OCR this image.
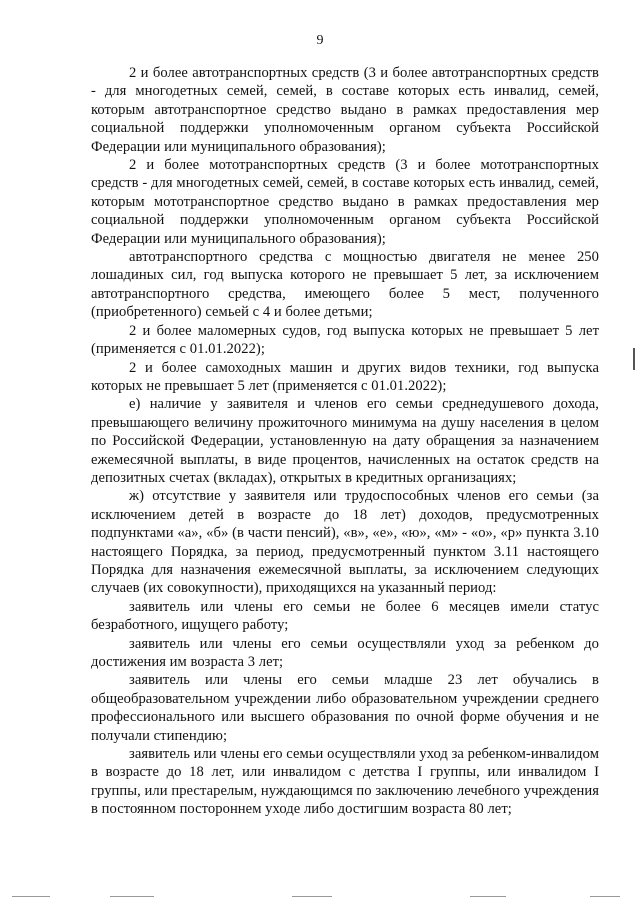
9

2 и более автотранспортных средств (3 и более автотранспортных средств - для многодетных семей, семей, в составе которых есть инвалид, семей, которым автотранспортное средство выдано в рамках предоставления мер социальной поддержки уполномоченным органом субъекта Российской Федерации или муниципального образования);

2 и более мототранспортных средств (3 и более мототранспортных средств - для многодетных семей, семей, в составе которых есть инвалид, семей, которым мототранспортное средство выдано в рамках предоставления мер социальной поддержки уполномоченным органом субъекта Российской Федерации или муниципального образования);

автотранспортного средства с мощностью двигателя не менее 250 лошадиных сил, год выпуска которого не превышает 5 лет, за исключением автотранспортного средства, имеющего более 5 мест, полученного (приобретенного) семьей с 4 и более детьми;

2 и более маломерных судов, год выпуска которых не превышает 5 лет (применяется с 01.01.2022);

2 и более самоходных машин и других видов техники, год выпуска которых не превышает 5 лет (применяется с 01.01.2022);

е) наличие у заявителя и членов его семьи среднедушевого дохода, превышающего величину прожиточного минимума на душу населения в целом по Российской Федерации, установленную на дату обращения за назначением ежемесячной выплаты, в виде процентов, начисленных на остаток средств на депозитных счетах (вкладах), открытых в кредитных организациях;

ж) отсутствие у заявителя или трудоспособных членов его семьи (за исключением детей в возрасте до 18 лет) доходов, предусмотренных подпунктами «а», «б» (в части пенсий), «в», «е», «ю», «м» - «о», «р» пункта 3.10 настоящего Порядка, за период, предусмотренный пунктом 3.11 настоящего Порядка для назначения ежемесячной выплаты, за исключением следующих случаев (их совокупности), приходящихся на указанный период:

заявитель или члены его семьи не более 6 месяцев имели статус безработного, ищущего работу;

заявитель или члены его семьи осуществляли уход за ребенком до достижения им возраста 3 лет;

заявитель или члены его семьи младше 23 лет обучались в общеобразовательном учреждении либо образовательном учреждении среднего профессионального или высшего образования по очной форме обучения и не получали стипендию;

заявитель или члены его семьи осуществляли уход за ребенком-инвалидом в возрасте до 18 лет, или инвалидом с детства I группы, или инвалидом I группы, или престарелым, нуждающимся по заключению лечебного учреждения в постоянном постороннем уходе либо достигшим возраста 80 лет;
